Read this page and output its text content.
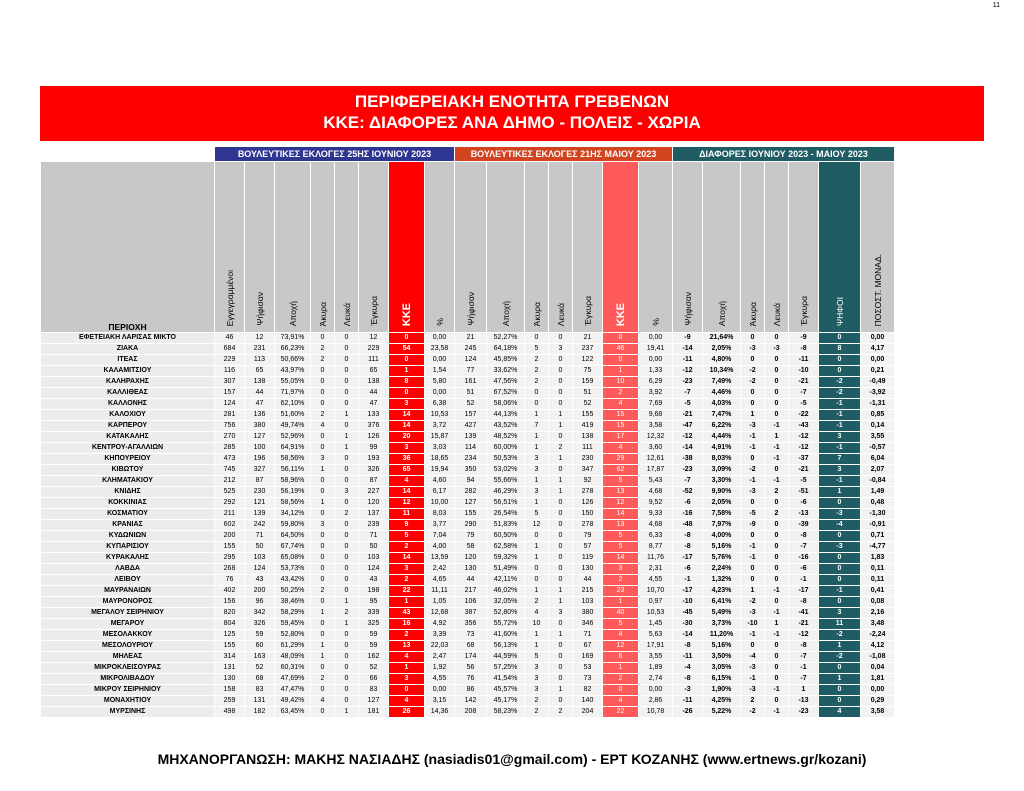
11
ΠΕΡΙΦΕΡΕΙΑΚΗ ΕΝΟΤΗΤΑ ΓΡΕΒΕΝΩΝ
ΚΚΕ: ΔΙΑΦΟΡΕΣ ΑΝΑ ΔΗΜΟ - ΠΟΛΕΙΣ - ΧΩΡΙΑ
	ΒΟΥΛΕΥΤΙΚΕΣ ΕΚΛΟΓΕΣ 25ΗΣ ΙΟΥΝΙΟΥ 2023								ΒΟΥΛΕΥΤΙΚΕΣ ΕΚΛΟΓΕΣ 21ΗΣ ΜΑΙΟΥ 2023							ΔΙΑΦΟΡΕΣ ΙΟΥΝΙΟΥ 2023 - ΜΑΙΟΥ 2023						
ΠΕΡΙΟΧΗ	Εγγεγραμμένοι	Ψήφισαν	Αποχή	Άκυρα	Λευκά	Έγκυρα	ΚΚΕ	%	Ψήφισαν	Αποχή	Άκυρα	Λευκά	Έγκυρα	ΚΚΕ	%	Ψήφισαν	Αποχή	Άκυρα	Λευκά	Έγκυρα	ΨΗΦΟΙ	ΠΟΣΟΣΤ. ΜΟΝΑΔ.
ΕΦΕΤΕΙΑΚΗ ΛΑΡΙΣΑΣ ΜΙΚΤΟ	46	12	73,91%	0	0	12	0	0,00	21	52,27%	0	0	21	0	0,00	-9	21,64%	0	0	-9	0	0,00
ΖΙΑΚΑ	684	231	66,23%	2	0	229	54	23,58	245	64,18%	5	3	237	46	19,41	-14	2,05%	-3	-3	-8	8	4,17
ΙΤΕΑΣ	229	113	50,66%	2	0	111	0	0,00	124	45,85%	2	0	122	0	0,00	-11	4,80%	0	0	-11	0	0,00
ΚΑΛΑΜΙΤΣΙΟΥ	116	65	43,97%	0	0	65	1	1,54	77	33,62%	2	0	75	1	1,33	-12	10,34%	-2	0	-10	0	0,21
ΚΑΛΗΡΑΧΗΣ	307	138	55,05%	0	0	138	8	5,80	161	47,56%	2	0	159	10	6,29	-23	7,49%	-2	0	-21	-2	-0,49
ΚΑΛΛΙΘΕΑΣ	157	44	71,97%	0	0	44	0	0,00	51	67,52%	0	0	51	2	3,92	-7	4,46%	0	0	-7	-2	-3,92
ΚΑΛΛΟΝΗΣ	124	47	62,10%	0	0	47	3	6,38	52	58,06%	0	0	52	4	7,69	-5	4,03%	0	0	-5	-1	-1,31
ΚΑΛΟΧΙΟΥ	281	136	51,60%	2	1	133	14	10,53	157	44,13%	1	1	155	15	9,68	-21	7,47%	1	0	-22	-1	0,85
ΚΑΡΠΕΡΟΥ	756	380	49,74%	4	0	376	14	3,72	427	43,52%	7	1	419	15	3,58	-47	6,22%	-3	-1	-43	-1	0,14
ΚΑΤΑΚΑΛΗΣ	270	127	52,96%	0	1	126	20	15,87	139	48,52%	1	0	138	17	12,32	-12	4,44%	-1	1	-12	3	3,55
ΚΕΝΤΡΟΥ-ΑΓΑΛΛΙΩΝ	285	100	64,91%	0	1	99	3	3,03	114	60,00%	1	2	111	4	3,60	-14	4,91%	-1	-1	-12	-1	-0,57
ΚΗΠΟΥΡΕΙΟΥ	473	196	58,56%	3	0	193	36	18,65	234	50,53%	3	1	230	29	12,61	-38	8,03%	0	-1	-37	7	6,04
ΚΙΒΩΤΟΥ	745	327	56,11%	1	0	326	65	19,94	350	53,02%	3	0	347	62	17,87	-23	3,09%	-2	0	-21	3	2,07
ΚΛΗΜΑΤΑΚΙΟΥ	212	87	58,96%	0	0	87	4	4,60	94	55,66%	1	1	92	5	5,43	-7	3,30%	-1	-1	-5	-1	-0,84
ΚΝΙΔΗΣ	525	230	56,19%	0	3	227	14	6,17	282	46,29%	3	1	278	13	4,68	-52	9,90%	-3	2	-51	1	1,49
ΚΟΚΚΙΝΙΑΣ	292	121	58,56%	1	0	120	12	10,00	127	56,51%	1	0	126	12	9,52	-6	2,05%	0	0	-6	0	0,48
ΚΟΣΜΑΤΙΟΥ	211	139	34,12%	0	2	137	11	8,03	155	26,54%	5	0	150	14	9,33	-16	7,58%	-5	2	-13	-3	-1,30
ΚΡΑΝΙΑΣ	602	242	59,80%	3	0	239	9	3,77	290	51,83%	12	0	278	13	4,68	-48	7,97%	-9	0	-39	-4	-0,91
ΚΥΔΩΝΙΩΝ	200	71	64,50%	0	0	71	5	7,04	79	60,50%	0	0	79	5	6,33	-8	4,00%	0	0	-8	0	0,71
ΚΥΠΑΡΙΣΙΟΥ	155	50	67,74%	0	0	50	2	4,00	58	62,58%	1	0	57	5	8,77	-8	5,16%	-1	0	-7	-3	-4,77
ΚΥΡΑΚΑΛΗΣ	295	103	65,08%	0	0	103	14	13,59	120	59,32%	1	0	119	14	11,76	-17	5,76%	-1	0	-16	0	1,83
ΛΑΒΔΑ	268	124	53,73%	0	0	124	3	2,42	130	51,49%	0	0	130	3	2,31	-6	2,24%	0	0	-6	0	0,11
ΛΕΙΒΟΥ	76	43	43,42%	0	0	43	2	4,65	44	42,11%	0	0	44	2	4,55	-1	1,32%	0	0	-1	0	0,11
ΜΑΥΡΑΝΑΙΩΝ	402	200	50,25%	2	0	198	22	11,11	217	46,02%	1	1	215	23	10,70	-17	4,23%	1	-1	-17	-1	0,41
ΜΑΥΡΟΝΟΡΟΣ	156	96	38,46%	0	1	95	1	1,05	106	32,05%	2	1	103	1	0,97	-10	6,41%	-2	0	-8	0	0,08
ΜΕΓΑΛΟΥ ΣΕΙΡΗΝΙΟΥ	820	342	58,29%	1	2	339	43	12,68	387	52,80%	4	3	380	40	10,53	-45	5,49%	-3	-1	-41	3	2,16
ΜΕΓΑΡΟΥ	804	326	59,45%	0	1	325	16	4,92	356	55,72%	10	0	346	5	1,45	-30	3,73%	-10	1	-21	11	3,48
ΜΕΣΟΛΑΚΚΟΥ	125	59	52,80%	0	0	59	2	3,39	73	41,60%	1	1	71	4	5,63	-14	11,20%	-1	-1	-12	-2	-2,24
ΜΕΣΟΛΟΥΡΙΟΥ	155	60	61,29%	1	0	59	13	22,03	68	56,13%	1	0	67	12	17,91	-8	5,16%	0	0	-8	1	4,12
ΜΗΛΕΑΣ	314	163	48,09%	1	0	162	4	2,47	174	44,59%	5	0	169	6	3,55	-11	3,50%	-4	0	-7	-2	-1,08
ΜΙΚΡΟΚΛΕΙΣΟΥΡΑΣ	131	52	60,31%	0	0	52	1	1,92	56	57,25%	3	0	53	1	1,89	-4	3,05%	-3	0	-1	0	0,04
ΜΙΚΡΟΛΙΒΑΔΟΥ	130	68	47,69%	2	0	66	3	4,55	76	41,54%	3	0	73	2	2,74	-8	6,15%	-1	0	-7	1	1,81
ΜΙΚΡΟΥ ΣΕΙΡΗΝΙΟΥ	158	83	47,47%	0	0	83	0	0,00	86	45,57%	3	1	82	0	0,00	-3	1,90%	-3	-1	1	0	0,00
ΜΟΝΑΧΗΤΙΟΥ	259	131	49,42%	4	0	127	4	3,15	142	45,17%	2	0	140	4	2,86	-11	4,25%	2	0	-13	0	0,29
ΜΥΡΣΙΝΗΣ	498	182	63,45%	0	1	181	26	14,36	208	58,23%	2	2	204	22	10,78	-26	5,22%	-2	-1	-23	4	3,58
ΜΗΧΑΝΟΡΓΑΝΩΣΗ: ΜΑΚΗΣ ΝΑΣΙΑΔΗΣ (nasiadis01@gmail.com) - ΕΡΤ ΚΟΖΑΝΗΣ (www.ertnews.gr/kozani)
